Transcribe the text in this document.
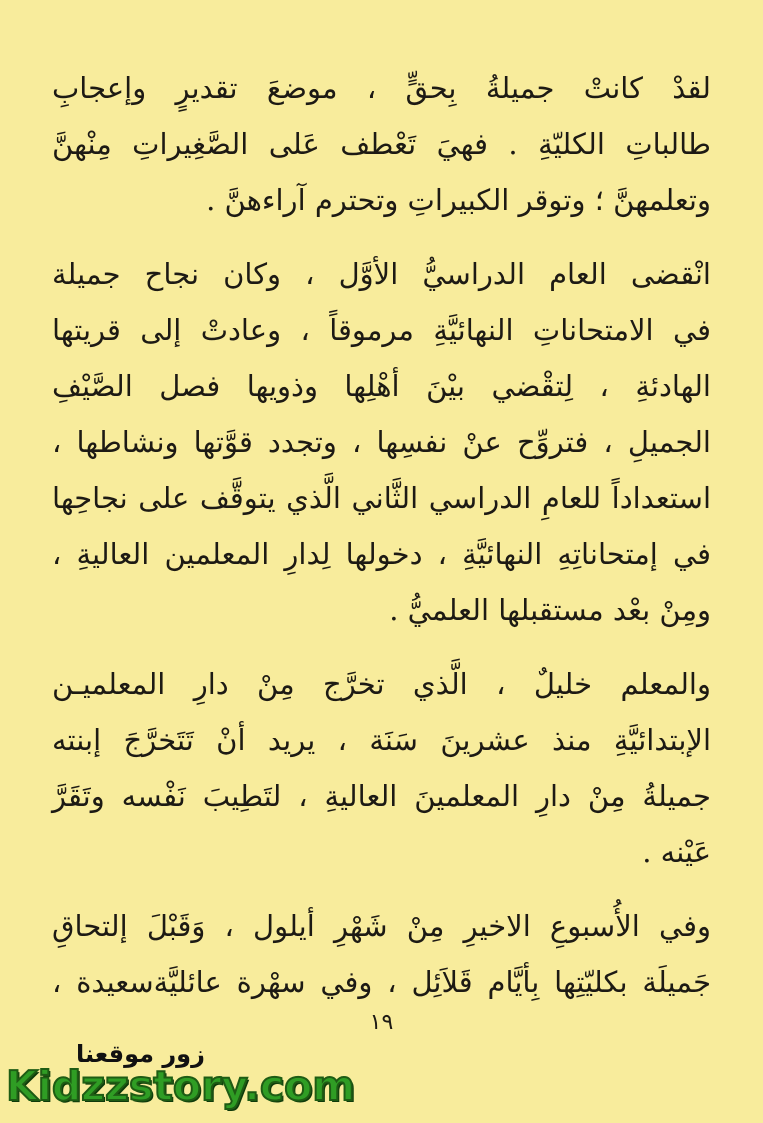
لقدْ كانتْ جميلةُ بِحقٍّ ، موضعَ تقديرٍ وإعجابِ
طالباتِ الكليّةِ . فهيَ تَعْطف عَلى الصَّغِيراتِ مِنْهنَّ
وتعلمهنَّ ؛ وتوقر الكبيراتِ وتحترم آراءهنَّ .

انْقضى العام الدراسيُّ الأوَّل ، وكان نجاح جميلة
في الامتحاناتِ النهائيَّةِ مرموقاً ، وعادتْ إلى قريتها
الهادئةِ ، لِتقْضي بيْنَ أهْلِها وذويها فصل الصَّيْفِ
الجميلِ ، فتروِّح عنْ نفسِها ، وتجدد قوَّتها ونشاطها ،
استعداداً للعامِ الدراسي الثَّاني الَّذي يتوقَّف على نجاحِها
في إمتحاناتِهِ النهائيَّةِ ، دخولها لِدارِ المعلمين العاليةِ ،
ومِنْ بعْد مستقبلها العلميُّ .

والمعلم خليلٌ ، الَّذي تخرَّج مِنْ دارِ المعلميـن
الإبتدائيَّةِ منذ عشرينَ سَنَة ، يريد أنْ تَتَخرَّجَ إبنته
جميلةُ مِنْ دارِ المعلمينَ العاليةِ ، لتَطِيبَ نَفْسه وتَقَرَّ
عَيْنه .

وفي الأُسبوعِ الاخيرِ مِنْ شَهْرِ أيلول ، وَقَبْلَ إلتحاقِ
جَميلَة بكليّتِها بِأيَّام قَلاَئِل ، وفي سهْرة عائليَّةسعيدة ،

١٩
زور موقعنا
Kidzzstory.com
